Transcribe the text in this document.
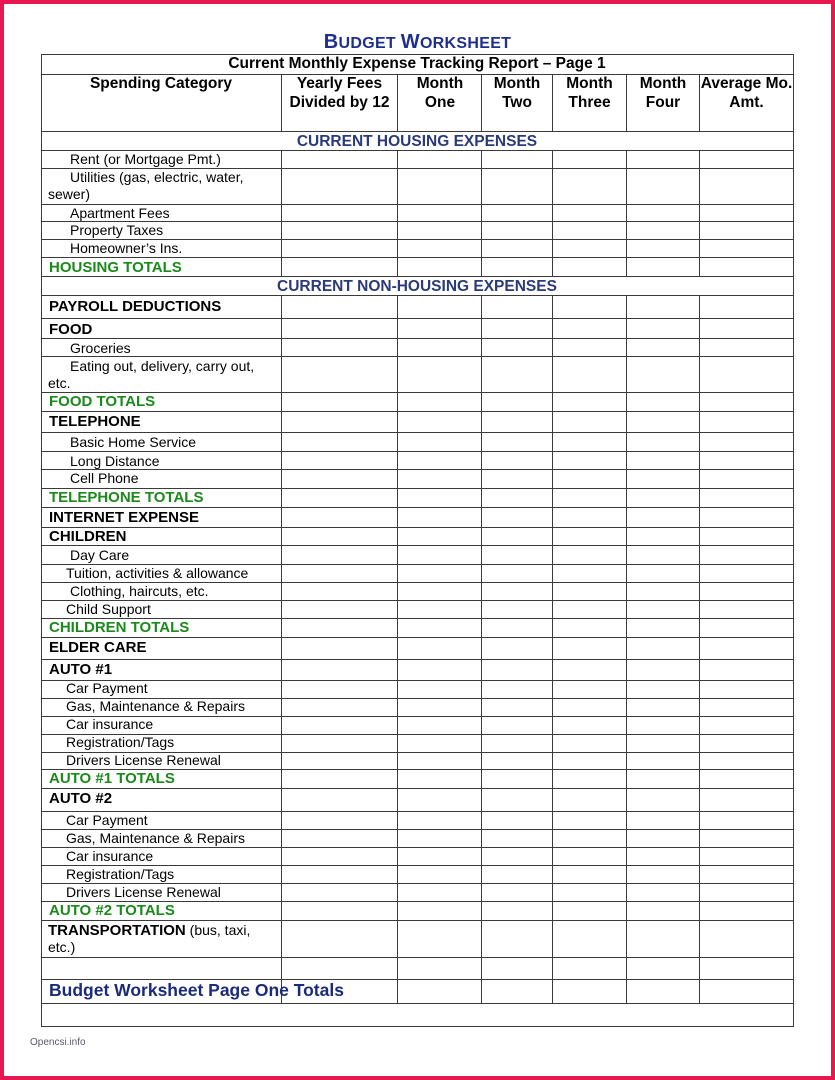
BUDGET WORKSHEET
Current Monthly Expense Tracking Report – Page 1
Spending Category	Yearly Fees Divided by 12
Month One
Month Two
Month Three
Month Four
Average Mo. Amt.
CURRENT HOUSING EXPENSES
Rent (or Mortgage Pmt.)
Utilities (gas, electric, water, sewer)
Apartment Fees
Property Taxes
Homeowner’s Ins.
HOUSING TOTALS
CURRENT NON-HOUSING EXPENSES
PAYROLL DEDUCTIONS
FOOD
Groceries
Eating out, delivery, carry out, etc.
FOOD TOTALS
TELEPHONE
Basic Home Service
Long Distance
Cell Phone
TELEPHONE TOTALS
INTERNET EXPENSE
CHILDREN
Day Care
Tuition, activities & allowance
Clothing, haircuts, etc.
Child Support
CHILDREN TOTALS
ELDER CARE
AUTO #1
Car Payment
Gas, Maintenance & Repairs
Car insurance
Registration/Tags
Drivers License Renewal
AUTO #1 TOTALS
AUTO #2
Car Payment
Gas, Maintenance & Repairs
Car insurance
Registration/Tags
Drivers License Renewal
AUTO #2 TOTALS
TRANSPORTATION (bus, taxi, etc.)
Budget Worksheet Page One Totals
Opencsi.info
